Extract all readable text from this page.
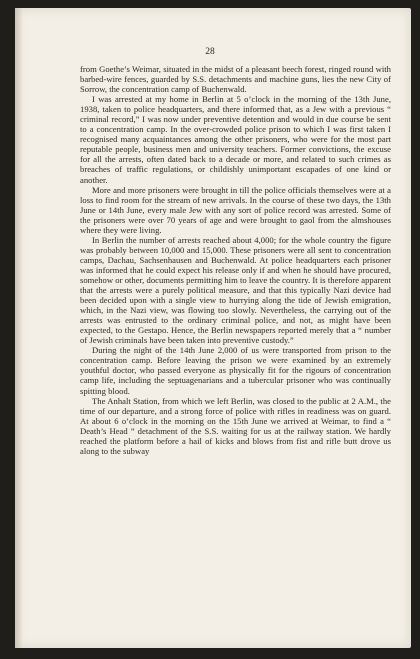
28

from Goethe’s Weimar, situated in the midst of a pleasant beech forest, ringed round with barbed-wire fences, guarded by S.S. detachments and machine guns, lies the new City of Sorrow, the concentration camp of Buchenwald.

I was arrested at my home in Berlin at 5 o’clock in the morning of the 13th June, 1938, taken to police headquarters, and there informed that, as a Jew with a previous “ criminal record,” I was now under preventive detention and would in due course be sent to a concentration camp. In the over-crowded police prison to which I was first taken I recognised many acquaintances among the other prisoners, who were for the most part reputable people, business men and university teachers. Former convictions, the excuse for all the arrests, often dated back to a decade or more, and related to such crimes as breaches of traffic regulations, or childishly unimportant escapades of one kind or another.

More and more prisoners were brought in till the police officials themselves were at a loss to find room for the stream of new arrivals. In the course of these two days, the 13th June or 14th June, every male Jew with any sort of police record was arrested. Some of the prisoners were over 70 years of age and were brought to gaol from the almshouses where they were living.

In Berlin the number of arrests reached about 4,000; for the whole country the figure was probably between 10,000 and 15,000. These prisoners were all sent to concentration camps, Dachau, Sachsenhausen and Buchenwald. At police headquarters each prisoner was informed that he could expect his release only if and when he should have procured, somehow or other, documents permitting him to leave the country. It is therefore apparent that the arrests were a purely political measure, and that this typically Nazi device had been decided upon with a single view to hurrying along the tide of Jewish emigration, which, in the Nazi view, was flowing too slowly. Nevertheless, the carrying out of the arrests was entrusted to the ordinary criminal police, and not, as might have been expected, to the Gestapo. Hence, the Berlin newspapers reported merely that a “ number of Jewish criminals have been taken into preventive custody.”

During the night of the 14th June 2,000 of us were transported from prison to the concentration camp. Before leaving the prison we were examined by an extremely youthful doctor, who passed everyone as physically fit for the rigours of concentration camp life, including the septuagenarians and a tubercular prisoner who was continually spitting blood.

The Anhalt Station, from which we left Berlin, was closed to the public at 2 A.M., the time of our departure, and a strong force of police with rifles in readiness was on guard. At about 6 o’clock in the morning on the 15th June we arrived at Weimar, to find a “ Death’s Head ” detachment of the S.S. waiting for us at the railway station. We hardly reached the platform before a hail of kicks and blows from fist and rifle butt drove us along to the subway
